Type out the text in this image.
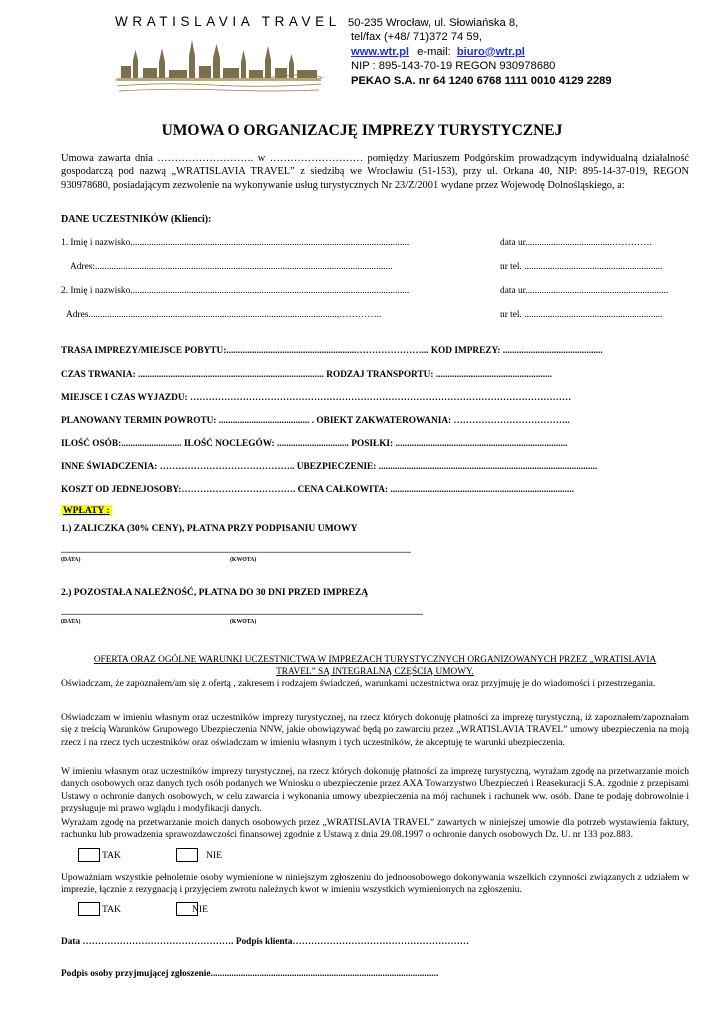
WRATISLAVIA TRAVEL 50-235 Wrocław, ul. Słowiańska 8,
tel/fax (+48/ 71)372 74 59,
www.wtr.pl e-mail: biuro@wtr.pl
NIP : 895-143-70-19 REGON 930978680
PEKAO S.A. nr 64 1240 6768 1111 0010 4129 2289
UMOWA O ORGANIZACJĘ IMPREZY TURYSTYCZNEJ
Umowa zawarta dnia ………………………. w ……………………… pomiędzy Mariuszem Podgórskim prowadzącym indywidualną działalność gospodarczą pod nazwą „WRATISLAVIA TRAVEL” z siedzibą we Wrocławiu (51-153), przy ul. Orkana 40, NIP: 895-14-37-019, REGON 930978680, posiadającym zezwolenie na wykonywanie usług turystycznych Nr 23/Z/2001 wydane przez Wojewodę Dolnośląskiego, a:
DANE UCZESTNIKÓW (Klienci):
1. Imię i nazwisko.......................................................................................................................	data ur.....................................………….
Adres:...............................................................................................................................	nr tel. ...........................................................
2. Imię i nazwisko.......................................................................................................................	data ur.............................................................
Adres..........................................................................................................,…………..	nr tel. ...........................................................
TRASA IMPREZY/MIEJSCE POBYTU:........................................................…………………... KOD IMPREZY: ...........................................
CZAS TRWANIA: ................................................................................ RODZAJ TRANSPORTU: ..................................................
MIEJSCE I CZAS WYJAZDU: ……………………………………………………………………………………………………………
PLANOWANY TERMIN POWROTU: ....................................... . OBIEKT ZAKWATEROWANIA: ………………………………..
ILOŚĆ OSÓB:.......................... ILOŚĆ NOCLEGÓW: ............................... POSIŁKI: ..........................................................................
INNE ŚWIADCZENIA: …………………………………….. UBEZPIECZENIE: ..............................................................................................
KOSZT OD JEDNEJOSOBY:………………………………. CENA CAŁKOWITA: ...............................................................................
WPŁATY :
1.) ZALICZKA (30% CENY), PŁATNA PRZY PODPISANIU UMOWY
...............................................................................................................................................................................
(DATA)	(KWOTA)
2.) POZOSTAŁA NALEŻNOŚĆ, PŁATNA DO 30 DNI PRZED IMPREZĄ
.....................................................................................................................................................................................
(DATA)	(KWOTA)
OFERTA ORAZ OGÓLNE WARUNKI UCZESTNICTWA W IMPREZACH TURYSTYCZNYCH ORGANIZOWANYCH PRZEZ „WRATISLAVIA
TRAVEL” SĄ INTEGRALNĄ CZĘŚCIĄ UMOWY.
Oświadczam, że zapoznałem/am się z ofertą , zakresem i rodzajem świadczeń, warunkami uczestnictwa oraz przyjmuję je do wiadomości i przestrzegania.
Oświadczam w imieniu własnym oraz uczestników imprezy turystycznej, na rzecz których dokonuję płatności za imprezę turystyczną, iż zapoznałem/zapoznałam się z treścią Warunków Grupowego Ubezpieczenia NNW, jakie obowiązywać będą po zawarciu przez „WRATISLAVIA TRAVEL” umowy ubezpieczenia na moją rzecz i na rzecz tych uczestników oraz oświadczam w imieniu własnym i tych uczestników, że akceptuję te warunki ubezpieczenia.
W imieniu własnym oraz uczestników imprezy turystycznej, na rzecz których dokonuję płatności za imprezę turystyczną, wyrażam zgodę na przetwarzanie moich danych osobowych oraz danych tych osób podanych we Wniosku o ubezpieczenie przez AXA Towarzystwo Ubezpieczeń i Reasekuracji S.A. zgodnie z przepisami Ustawy o ochronie danych osobowych, w celu zawarcia i wykonania umowy ubezpieczenia na mój rachunek i rachunek ww. osób. Dane te podaję dobrowolnie i przysługuje mi prawo wglądu i modyfikacji danych.
Wyrażam zgodę na przetwarzanie moich danych osobowych przez „WRATISLAVIA TRAVEL” zawartych w niniejszej umowie dla potrzeb wystawienia faktury, rachunku lub prowadzenia sprawozdawczości finansowej zgodnie z Ustawą z dnia 29.08.1997 o ochronie danych osobowych Dz. U. nr 133 poz.883.
TAK	NIE
Upoważniam wszystkie pełnoletnie osoby wymienione w niniejszym zgłoszeniu do jednoosobowego dokonywania wszelkich czynności związanych z udziałem w imprezie, łącznie z rezygnacją i przyjęciem zwrotu należnych kwot w imieniu wszystkich wymienionych na zgłoszeniu.
TAK	NIE
Data …………………………………………. Podpis klienta…………………………………………………
Podpis osoby przyjmującej zgłoszenie..................................................................................................
